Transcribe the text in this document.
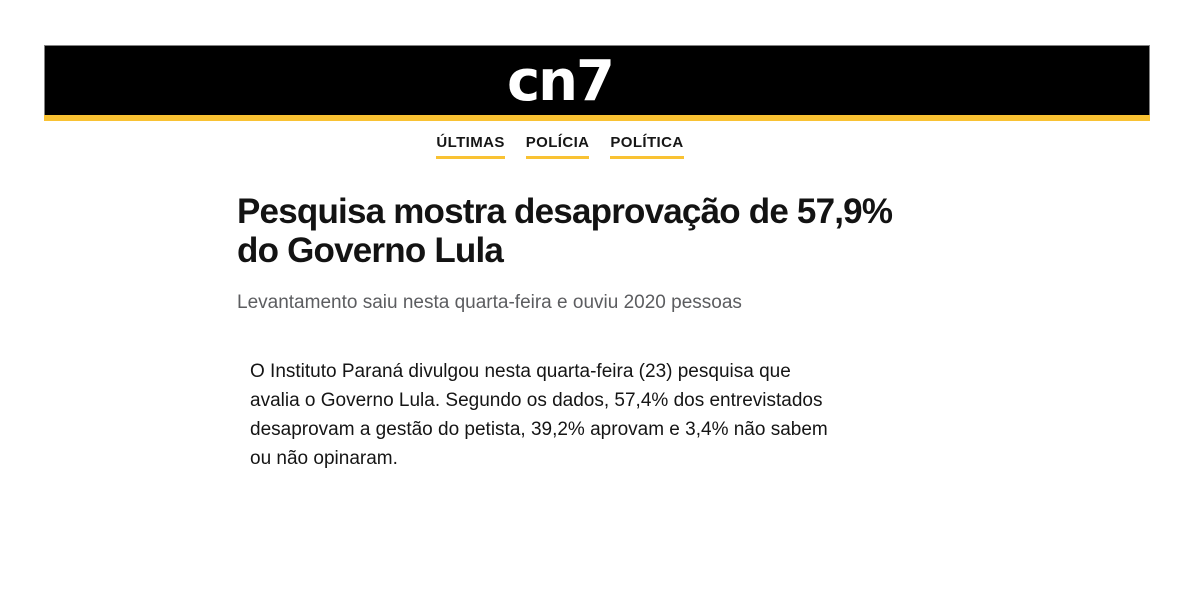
cn7
ÚLTIMAS POLÍCIA POLÍTICA
Pesquisa mostra desaprovação de 57,9% do Governo Lula
Levantamento saiu nesta quarta-feira e ouviu 2020 pessoas
O Instituto Paraná divulgou nesta quarta-feira (23) pesquisa que
avalia o Governo Lula. Segundo os dados, 57,4% dos entrevistados
desaprovam a gestão do petista, 39,2% aprovam e 3,4% não sabem
ou não opinaram.
